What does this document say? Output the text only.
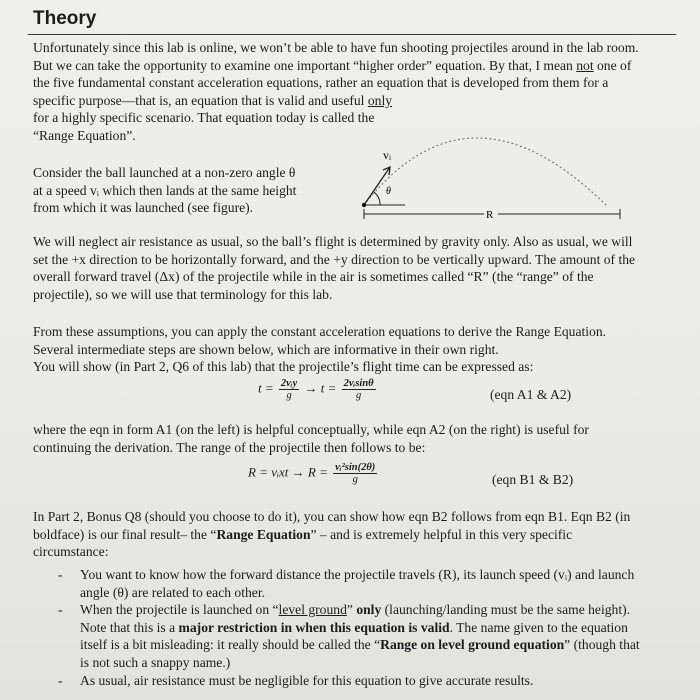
Theory
Unfortunately since this lab is online, we won’t be able to have fun shooting projectiles around in the lab room.
But we can take the opportunity to examine one important “higher order” equation. By that, I mean not one of
the five fundamental constant acceleration equations, rather an equation that is developed from them for a
specific purpose—that is, an equation that is valid and useful only
for a highly specific scenario. That equation today is called the
“Range Equation”.
Consider the ball launched at a non-zero angle θ
at a speed vᵢ which then lands at the same height
from which it was launched (see figure).
vᵢ
θ
R
We will neglect air resistance as usual, so the ball’s flight is determined by gravity only. Also as usual, we will
set the +x direction to be horizontally forward, and the +y direction to be vertically upward. The amount of the
overall forward travel (Δx) of the projectile while in the air is sometimes called “R” (the “range” of the
projectile), so we will use that terminology for this lab.
From these assumptions, you can apply the constant acceleration equations to derive the Range Equation.
Several intermediate steps are shown below, which are informative in their own right.
You will show (in Part 2, Q6 of this lab) that the projectile’s flight time can be expressed as:
$t = \frac{\text{2vᵢy}}{g} \to t = \frac{\text{2vᵢsinθ}}{g}$	(eqn A1 & A2)
where the eqn in form A1 (on the left) is helpful conceptually, while eqn A2 (on the right) is useful for
continuing the derivation. The range of the projectile then follows to be:
R = vᵢxt → $R = \frac{\text{vᵢ²sin(2θ)}}{g}$	(eqn B1 & B2)
In Part 2, Bonus Q8 (should you choose to do it), you can show how eqn B2 follows from eqn B1. Eqn B2 (in
boldface) is our final result– the “Range Equation” – and is extremely helpful in this very specific
circumstance:
- You want to know how the forward distance the projectile travels (R), its launch speed (vᵢ) and launch
angle (θ) are related to each other.
- When the projectile is launched on “level ground” only (launching/landing must be the same height).
Note that this is a major restriction in when this equation is valid. The name given to the equation
itself is a bit misleading: it really should be called the “Range on level ground equation” (though that
is not such a snappy name.)
- As usual, air resistance must be negligible for this equation to give accurate results.
